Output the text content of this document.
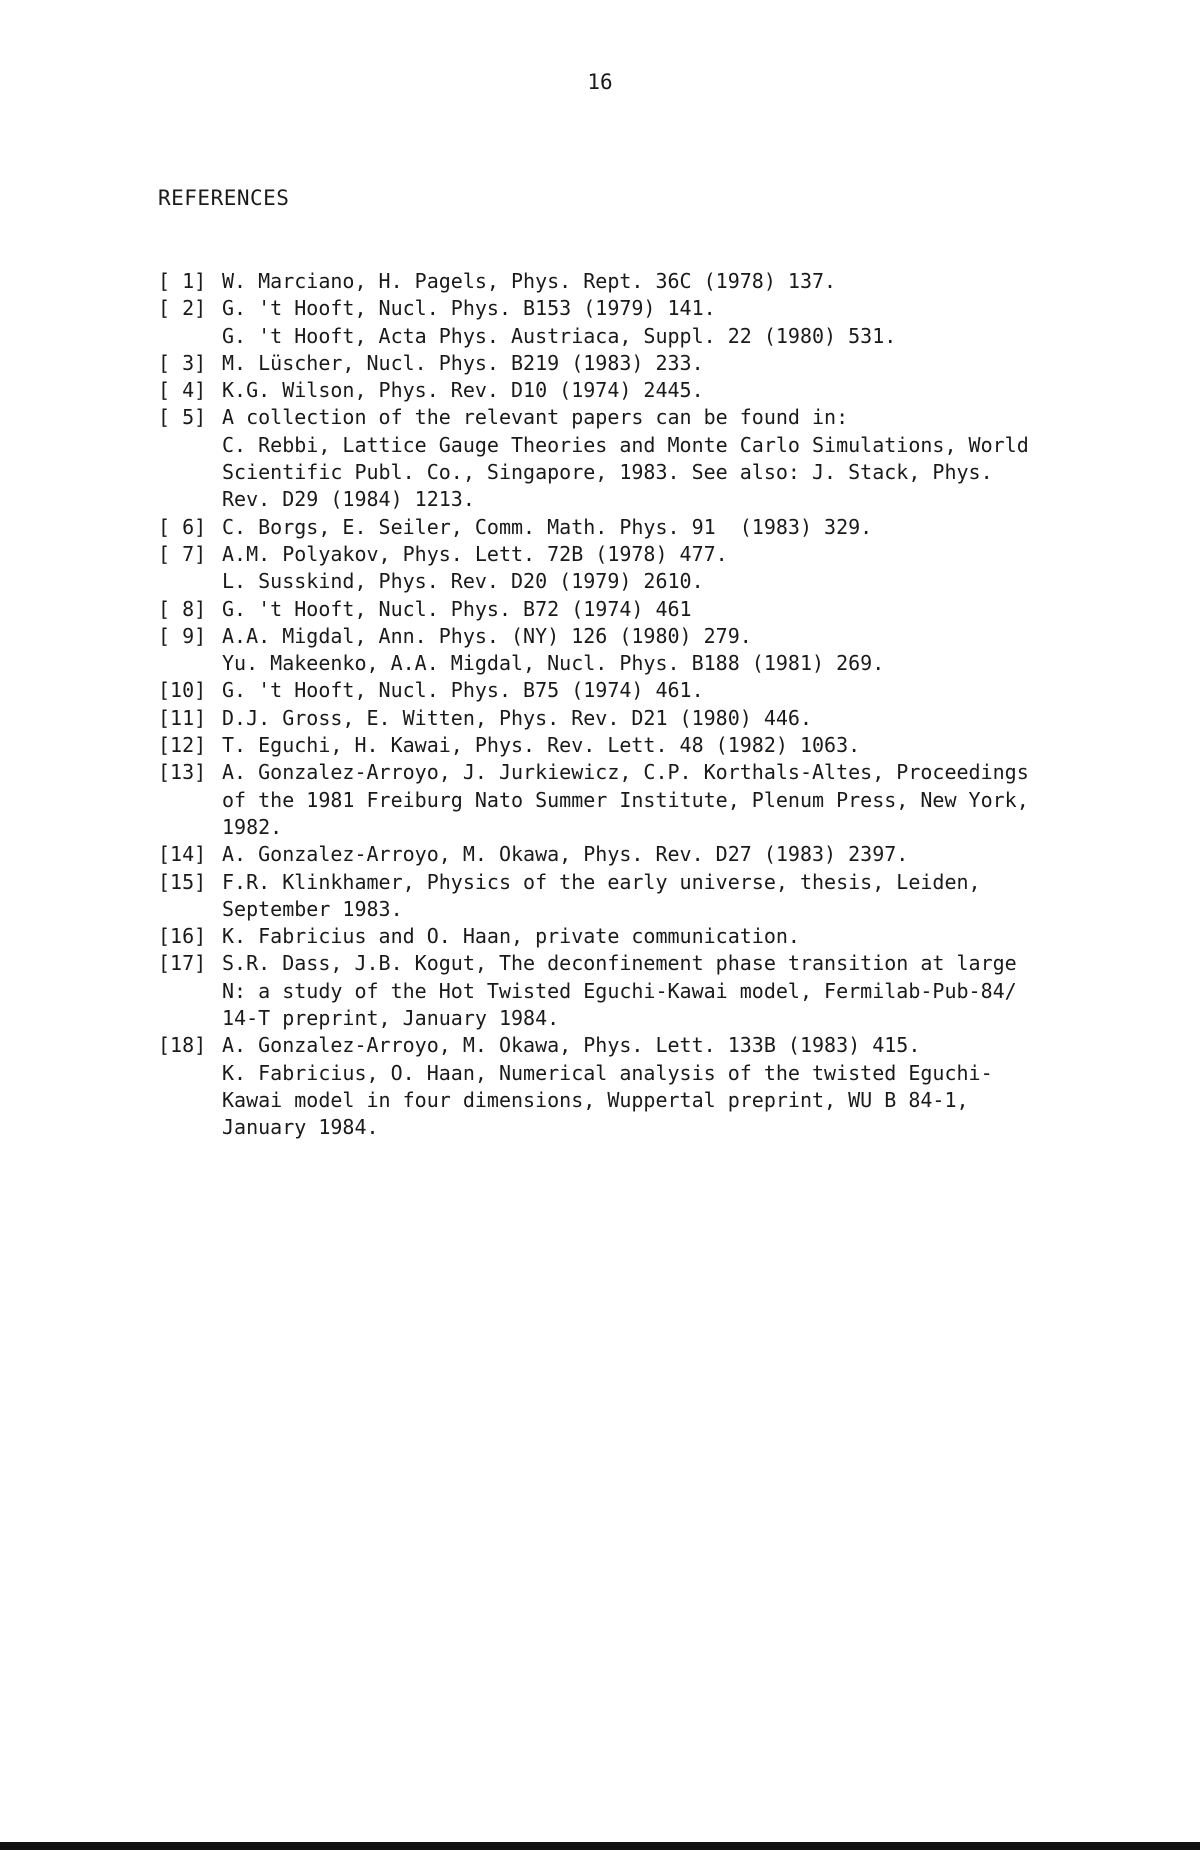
16
REFERENCES
[ 1] W. Marciano, H. Pagels, Phys. Rept. 36C (1978) 137.
[ 2] G. 't Hooft, Nucl. Phys. B153 (1979) 141.
G. 't Hooft, Acta Phys. Austriaca, Suppl. 22 (1980) 531.
[ 3] M. Lüscher, Nucl. Phys. B219 (1983) 233.
[ 4] K.G. Wilson, Phys. Rev. D10 (1974) 2445.
[ 5] A collection of the relevant papers can be found in:
C. Rebbi, Lattice Gauge Theories and Monte Carlo Simulations, World
Scientific Publ. Co., Singapore, 1983. See also: J. Stack, Phys.
Rev. D29 (1984) 1213.
[ 6] C. Borgs, E. Seiler, Comm. Math. Phys. 91  (1983) 329.
[ 7] A.M. Polyakov, Phys. Lett. 72B (1978) 477.
L. Susskind, Phys. Rev. D20 (1979) 2610.
[ 8] G. 't Hooft, Nucl. Phys. B72 (1974) 461
[ 9] A.A. Migdal, Ann. Phys. (NY) 126 (1980) 279.
Yu. Makeenko, A.A. Migdal, Nucl. Phys. B188 (1981) 269.
[10] G. 't Hooft, Nucl. Phys. B75 (1974) 461.
[11] D.J. Gross, E. Witten, Phys. Rev. D21 (1980) 446.
[12] T. Eguchi, H. Kawai, Phys. Rev. Lett. 48 (1982) 1063.
[13] A. Gonzalez-Arroyo, J. Jurkiewicz, C.P. Korthals-Altes, Proceedings
of the 1981 Freiburg Nato Summer Institute, Plenum Press, New York,
1982.
[14] A. Gonzalez-Arroyo, M. Okawa, Phys. Rev. D27 (1983) 2397.
[15] F.R. Klinkhamer, Physics of the early universe, thesis, Leiden,
September 1983.
[16] K. Fabricius and O. Haan, private communication.
[17] S.R. Dass, J.B. Kogut, The deconfinement phase transition at large
N: a study of the Hot Twisted Eguchi-Kawai model, Fermilab-Pub-84/
14-T preprint, January 1984.
[18] A. Gonzalez-Arroyo, M. Okawa, Phys. Lett. 133B (1983) 415.
K. Fabricius, O. Haan, Numerical analysis of the twisted Eguchi-
Kawai model in four dimensions, Wuppertal preprint, WU B 84-1,
January 1984.
